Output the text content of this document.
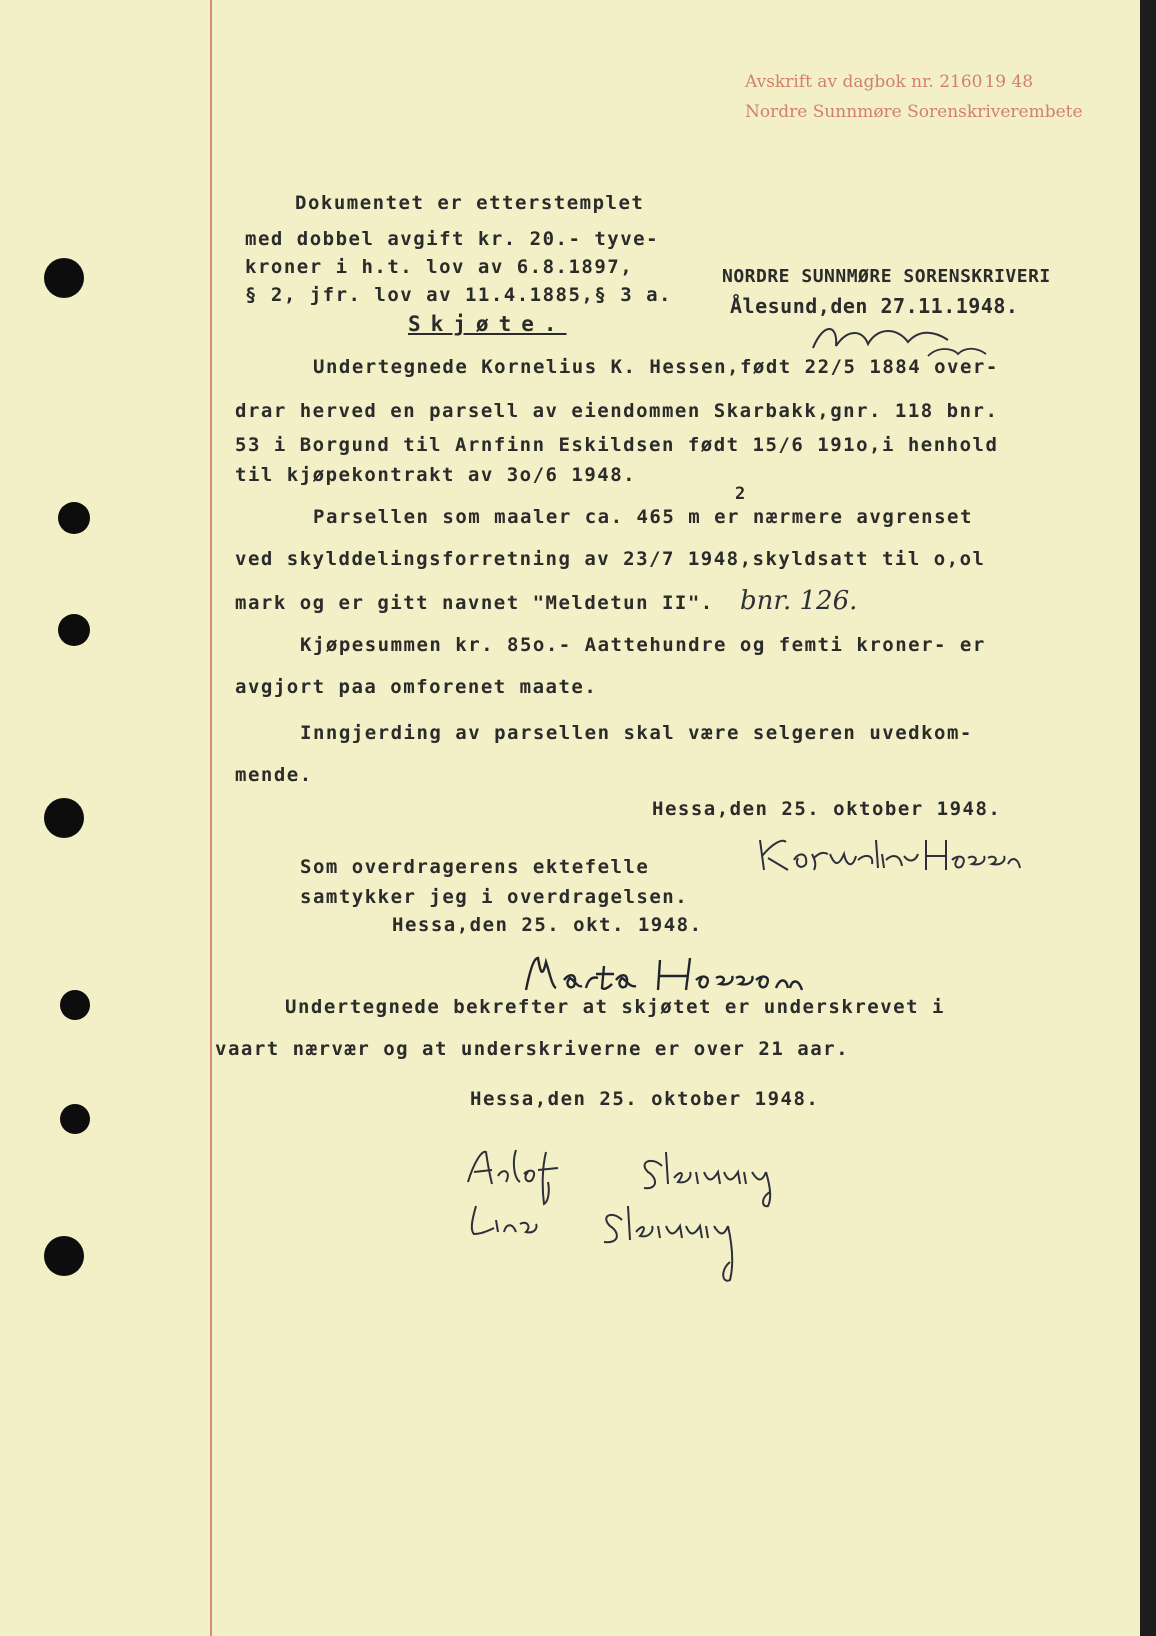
Avskrift av dagbok nr. 2160 19 48
Nordre Sunnmøre Sorenskriverembete
Dokumentet er etterstemplet
med dobbel avgift kr. 20.- tyve-
kroner i h.t. lov av 6.8.1897,
§ 2, jfr. lov av 11.4.1885,§ 3 a.
NORDRE SUNNMØRE SORENSKRIVERI
Ålesund,den 27.11.1948.
Skjøte.
Undertegnede Kornelius K. Hessen,født 22/5 1884 over-
drar herved en parsell av eiendommen Skarbakk,gnr. 118 bnr.
53 i Borgund til Arnfinn Eskildsen født 15/6 191o,i henhold
til kjøpekontrakt av 3o/6 1948.
2
Parsellen som maaler ca. 465 m er nærmere avgrenset
ved skylddelingsforretning av 23/7 1948,skyldsatt til o,ol
mark og er gitt navnet "Meldetun II". bnr. 126.
Kjøpesummen kr. 85o.- Aattehundre og femti kroner- er
avgjort paa omforenet maate.
Inngjerding av parsellen skal være selgeren uvedkom-
mende.
Hessa,den 25. oktober 1948.
Som overdragerens ektefelle
samtykker jeg i overdragelsen.
Hessa,den 25. okt. 1948.
Undertegnede bekrefter at skjøtet er underskrevet i
vaart nærvær og at underskriverne er over 21 aar.
Hessa,den 25. oktober 1948.
